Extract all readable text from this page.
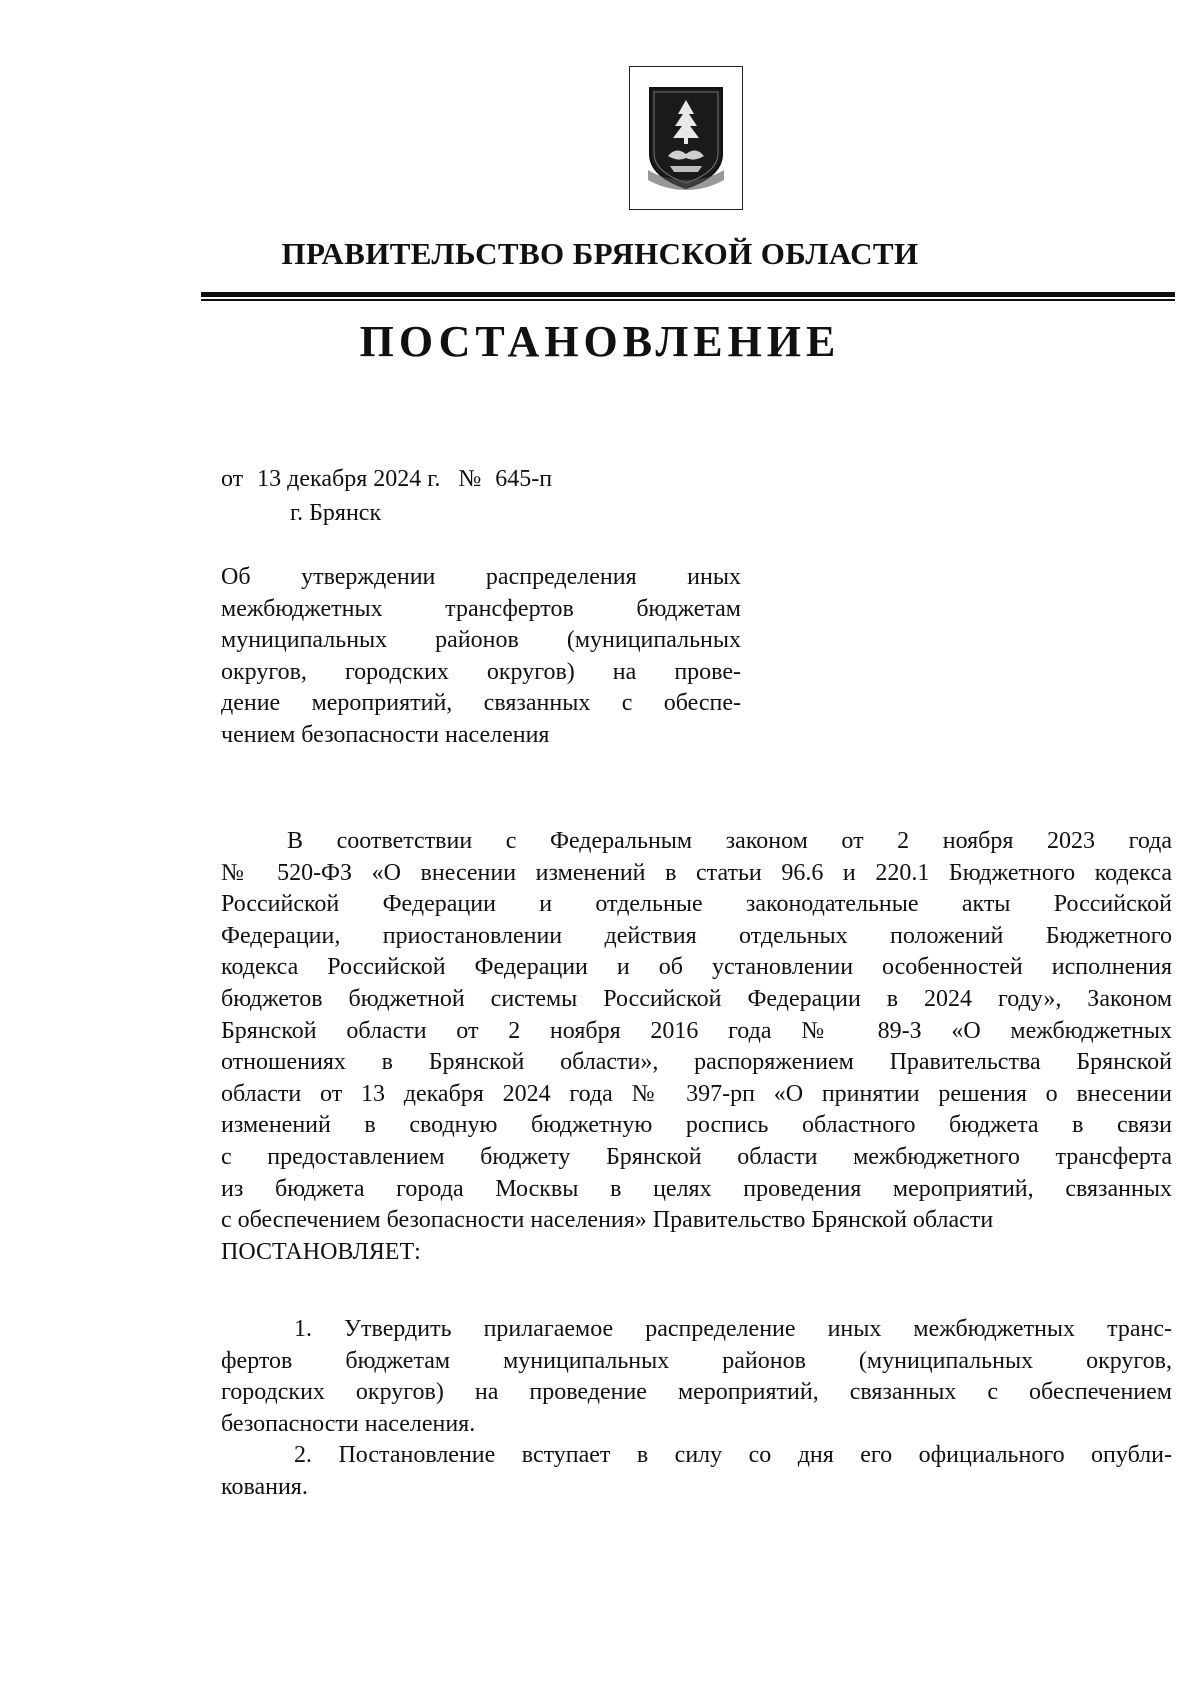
ПРАВИТЕЛЬСТВО БРЯНСКОЙ ОБЛАСТИ
ПОСТАНОВЛЕНИЕ
от 13 декабря 2024 г. № 645-п
г. Брянск
Об утверждении распределения иных
межбюджетных трансфертов бюджетам
муниципальных районов (муниципальных
округов, городских округов) на прове-
дение мероприятий, связанных с обеспе-
чением безопасности населения
В соответствии с Федеральным законом от 2 ноября 2023 года
№ 520-ФЗ «О внесении изменений в статьи 96.6 и 220.1 Бюджетного кодекса
Российской Федерации и отдельные законодательные акты Российской
Федерации, приостановлении действия отдельных положений Бюджетного
кодекса Российской Федерации и об установлении особенностей исполнения
бюджетов бюджетной системы Российской Федерации в 2024 году», Законом
Брянской области от 2 ноября 2016 года № 89-З «О межбюджетных
отношениях в Брянской области», распоряжением Правительства Брянской
области от 13 декабря 2024 года № 397-рп «О принятии решения о внесении
изменений в сводную бюджетную роспись областного бюджета в связи
с предоставлением бюджету Брянской области межбюджетного трансферта
из бюджета города Москвы в целях проведения мероприятий, связанных
с обеспечением безопасности населения» Правительство Брянской области
ПОСТАНОВЛЯЕТ:
1. Утвердить прилагаемое распределение иных межбюджетных транс-
фертов бюджетам муниципальных районов (муниципальных округов,
городских округов) на проведение мероприятий, связанных с обеспечением
безопасности населения.
2. Постановление вступает в силу со дня его официального опубли-
кования.
